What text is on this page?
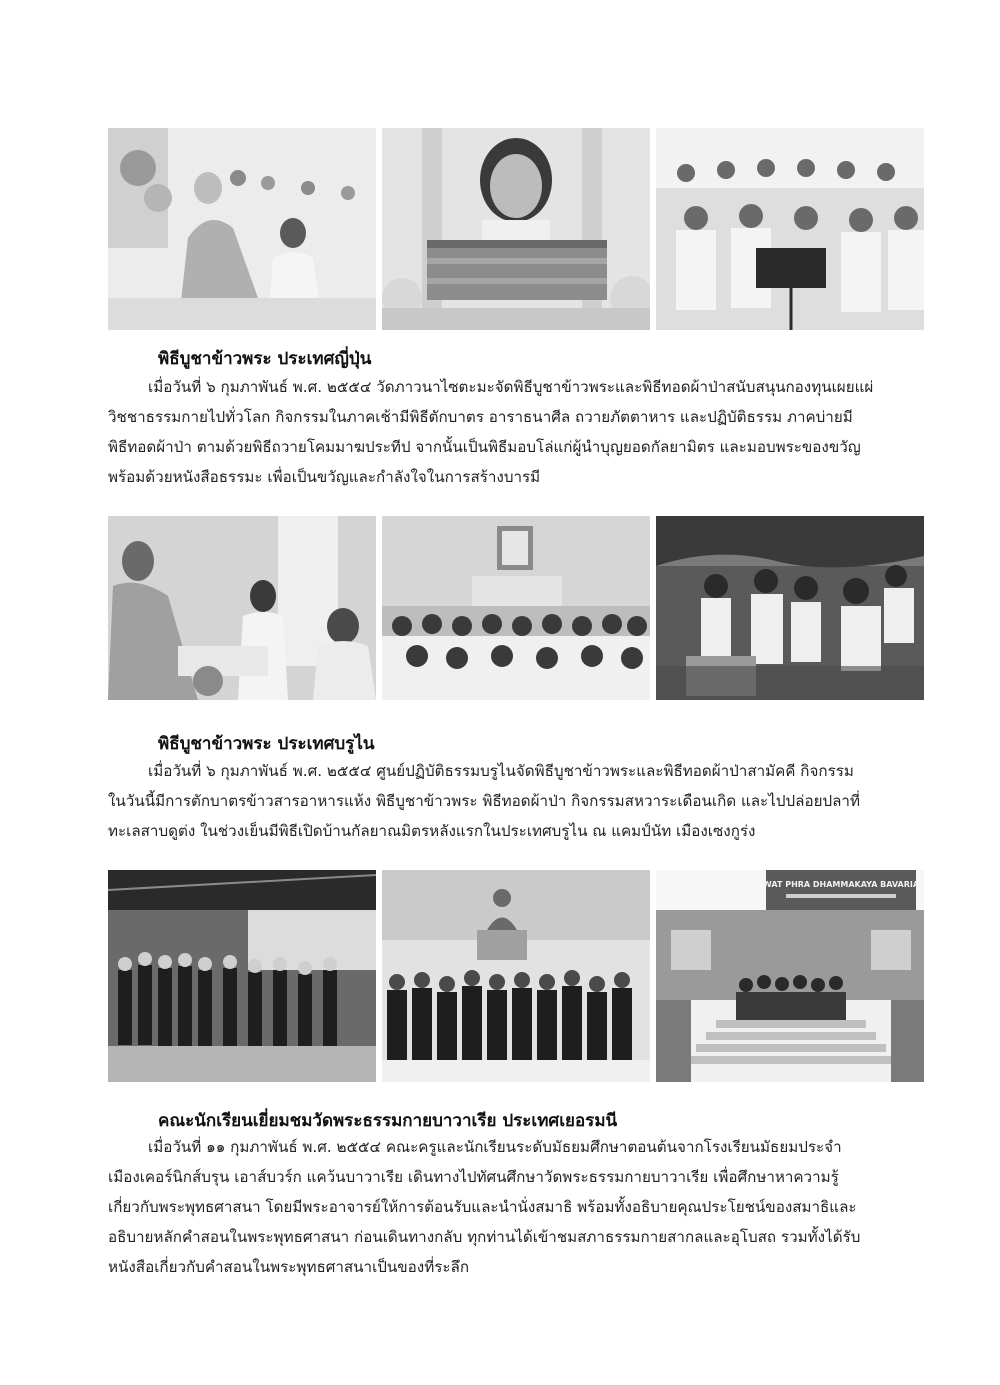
พิธีบูชาข้าวพระ ประเทศญี่ปุ่น

เมื่อวันที่ ๖ กุมภาพันธ์ พ.ศ. ๒๕๕๔ วัดภาวนาไซตะมะจัดพิธีบูชาข้าวพระและพิธีทอดผ้าป่าสนับสนุนกองทุนเผยแผ่

วิชชาธรรมกายไปทั่วโลก กิจกรรมในภาคเช้ามีพิธีตักบาตร อาราธนาศีล ถวายภัตตาหาร และปฏิบัติธรรม ภาคบ่ายมี

พิธีทอดผ้าป่า ตามด้วยพิธีถวายโคมมาฆประทีป จากนั้นเป็นพิธีมอบโล่แก่ผู้นำบุญยอดกัลยามิตร และมอบพระของขวัญ

พร้อมด้วยหนังสือธรรมะ เพื่อเป็นขวัญและกำลังใจในการสร้างบารมี

พิธีบูชาข้าวพระ ประเทศบรูไน

เมื่อวันที่ ๖ กุมภาพันธ์ พ.ศ. ๒๕๕๔ ศูนย์ปฏิบัติธรรมบรูไนจัดพิธีบูชาข้าวพระและพิธีทอดผ้าป่าสามัคคี กิจกรรม

ในวันนี้มีการตักบาตรข้าวสารอาหารแห้ง พิธีบูชาข้าวพระ พิธีทอดผ้าป่า กิจกรรมสหวาระเดือนเกิด และไปปล่อยปลาที่

ทะเลสาบดูต่ง ในช่วงเย็นมีพิธีเปิดบ้านกัลยาณมิตรหลังแรกในประเทศบรูไน ณ แคมป์นัท เมืองเซงกูร่ง

WAT PHRA DHAMMAKAYA BAVARIA
คณะนักเรียนเยี่ยมชมวัดพระธรรมกายบาวาเรีย ประเทศเยอรมนี

เมื่อวันที่ ๑๑ กุมภาพันธ์ พ.ศ. ๒๕๕๔ คณะครูและนักเรียนระดับมัธยมศึกษาตอนต้นจากโรงเรียนมัธยมประจำ

เมืองเคอร์นิกส์บรุน เอาส์บวร์ก แคว้นบาวาเรีย เดินทางไปทัศนศึกษาวัดพระธรรมกายบาวาเรีย เพื่อศึกษาหาความรู้

เกี่ยวกับพระพุทธศาสนา โดยมีพระอาจารย์ให้การต้อนรับและนำนั่งสมาธิ พร้อมทั้งอธิบายคุณประโยชน์ของสมาธิและ

อธิบายหลักคำสอนในพระพุทธศาสนา ก่อนเดินทางกลับ ทุกท่านได้เข้าชมสภาธรรมกายสากลและอุโบสถ รวมทั้งได้รับ

หนังสือเกี่ยวกับคำสอนในพระพุทธศาสนาเป็นของที่ระลึก
